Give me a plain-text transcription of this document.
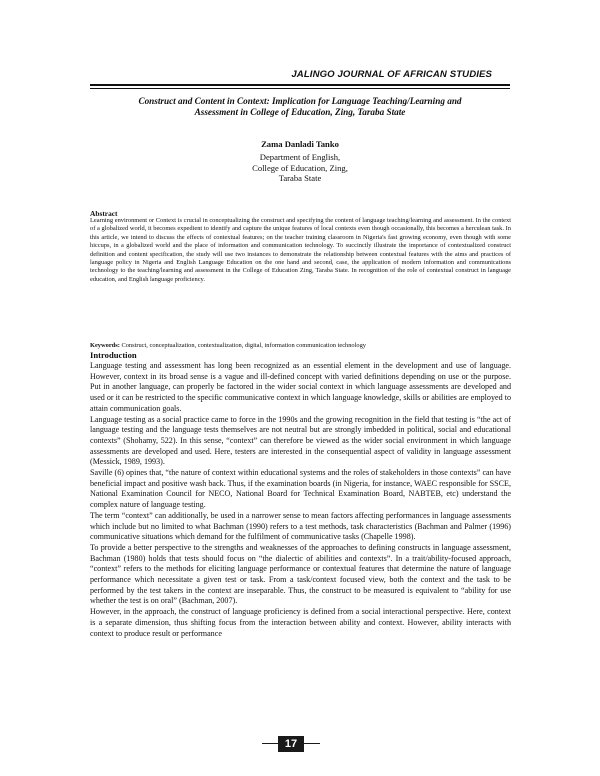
JALINGO JOURNAL OF AFRICAN STUDIES
Construct and Content in Context: Implication for Language Teaching/Learning and
Assessment in College of Education, Zing, Taraba State
Zama Danladi Tanko
Department of English,
College of Education, Zing,
Taraba State
Abstract

Learning environment or Context is crucial in conceptualizing the construct and specifying the content of language teaching/learning and assessment. In the context of a globalized world, it becomes expedient to identify and capture the unique features of local contexts even though occasionally, this becomes a herculean task. In this article, we intend to discuss the effects of contextual features; on the teacher training classroom in Nigeria's fast growing economy, even though with some hiccups, in a globalized world and the place of information and communication technology. To succinctly illustrate the importance of contextualized construct definition and content specification, the study will use two instances to demonstrate the relationship between contextual features with the aims and practices of language policy in Nigeria and English Language Education on the one hand and second, case, the application of modern information and communications technology to the teaching/learning and assessment in the College of Education Zing, Taraba State. In recognition of the role of contextual construct in language education, and English language proficiency.

Keywords: Construct, conceptualization, contextualization, digital, information communication technology

Introduction

Language testing and assessment has long been recognized as an essential element in the development and use of language. However, context in its broad sense is a vague and ill-defined concept with varied definitions depending on use or the purpose. Put in another language, can properly be factored in the wider social context in which language assessments are developed and used or it can be restricted to the specific communicative context in which language knowledge, skills or abilities are employed to attain communication goals.

Language testing as a social practice came to force in the 1990s and the growing recognition in the field that testing is “the act of language testing and the language tests themselves are not neutral but are strongly imbedded in political, social and educational contexts” (Shohamy, 522). In this sense, “context” can therefore be viewed as the wider social environment in which language assessments are developed and used. Here, testers are interested in the consequential aspect of validity in language assessment (Messick, 1989, 1993).

Saville (6) opines that, “the nature of context within educational systems and the roles of stakeholders in those contexts” can have beneficial impact and positive wash back. Thus, if the examination boards (in Nigeria, for instance, WAEC responsible for SSCE, National Examination Council for NECO, National Board for Technical Examination Board, NABTEB, etc) understand the complex nature of language testing.

The term “context” can additionally, be used in a narrower sense to mean factors affecting performances in language assessments which include but no limited to what Bachman (1990) refers to a test methods, task characteristics (Bachman and Palmer (1996) communicative situations which demand for the fulfilment of communicative tasks (Chapelle 1998).

To provide a better perspective to the strengths and weaknesses of the approaches to defining constructs in language assessment, Bachman (1980) holds that tests should focus on “the dialectic of abilities and contexts”. In a trait/ability-focused approach, “context” refers to the methods for eliciting language performance or contextual features that determine the nature of language performance which necessitate a given test or task. From a task/context focused view, both the context and the task to be performed by the test takers in the context are inseparable. Thus, the construct to be measured is equivalent to “ability for use whether the test is on oral” (Bachman, 2007).

However, in the approach, the construct of language proficiency is defined from a social interactional perspective. Here, context is a separate dimension, thus shifting focus from the interaction between ability and context. However, ability interacts with context to produce result or performance

17
